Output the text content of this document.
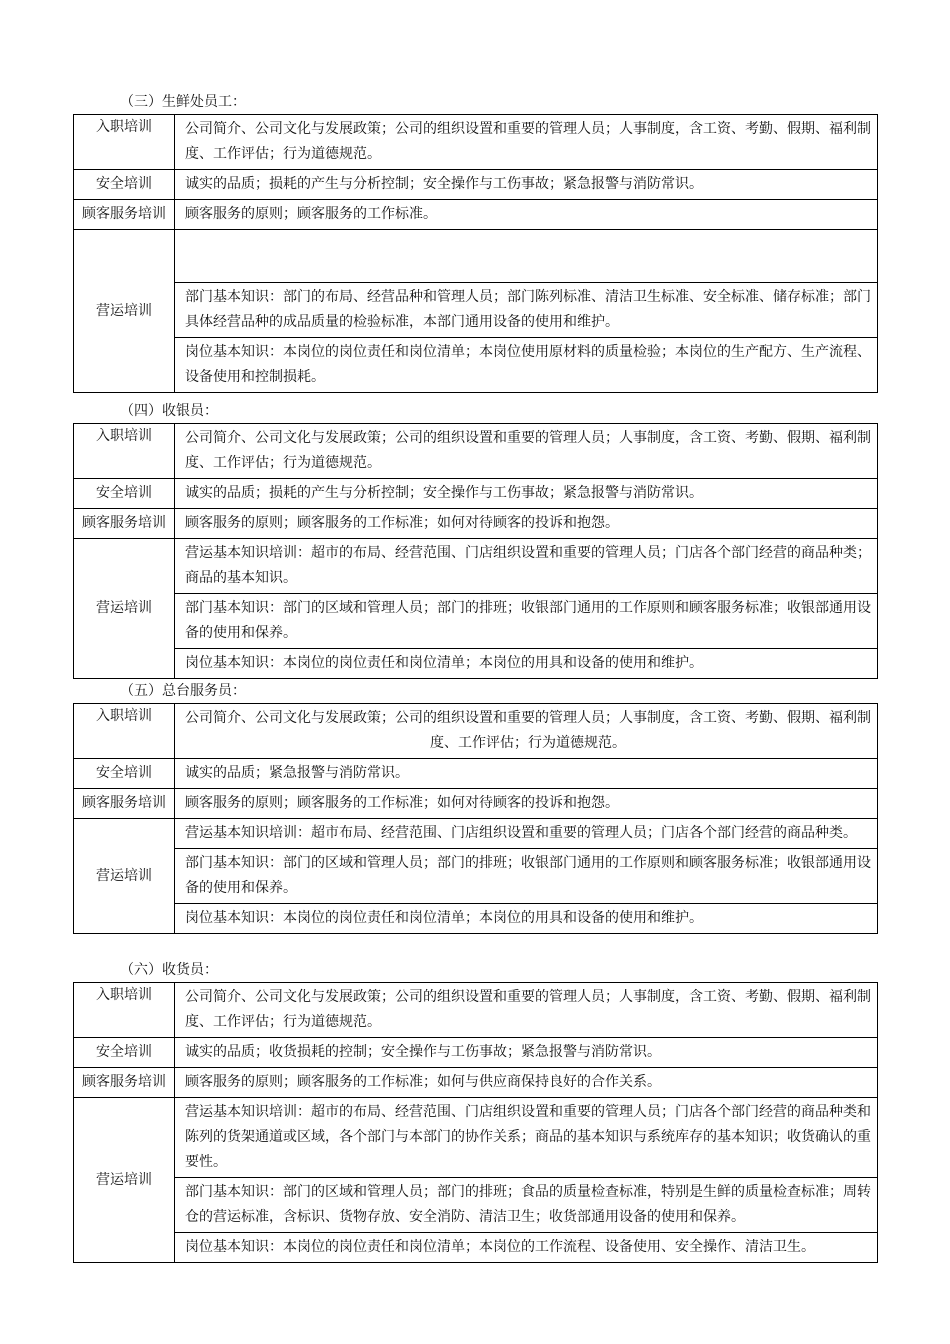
（三）生鲜处员工：
入职培训	公司简介、公司文化与发展政策；公司的组织设置和重要的管理人员；人事制度，含工资、考勤、假期、福利制度、工作评估；行为道德规范。
安全培训	诚实的品质；损耗的产生与分析控制；安全操作与工伤事故；紧急报警与消防常识。
顾客服务培训	顾客服务的原则；顾客服务的工作标准。
营运培训	
	部门基本知识：部门的布局、经营品种和管理人员；部门陈列标准、清洁卫生标准、安全标准、储存标准；部门具体经营品种的成品质量的检验标准，本部门通用设备的使用和维护。
	岗位基本知识：本岗位的岗位责任和岗位清单；本岗位使用原材料的质量检验；本岗位的生产配方、生产流程、设备使用和控制损耗。
（四）收银员：
入职培训	公司简介、公司文化与发展政策；公司的组织设置和重要的管理人员；人事制度，含工资、考勤、假期、福利制度、工作评估；行为道德规范。
安全培训	诚实的品质；损耗的产生与分析控制；安全操作与工伤事故；紧急报警与消防常识。
顾客服务培训	顾客服务的原则；顾客服务的工作标准；如何对待顾客的投诉和抱怨。
营运培训	营运基本知识培训：超市的布局、经营范围、门店组织设置和重要的管理人员；门店各个部门经营的商品种类；商品的基本知识。
	部门基本知识：部门的区域和管理人员；部门的排班；收银部门通用的工作原则和顾客服务标准；收银部通用设备的使用和保养。
	岗位基本知识：本岗位的岗位责任和岗位清单；本岗位的用具和设备的使用和维护。
（五）总台服务员：
入职培训	公司简介、公司文化与发展政策；公司的组织设置和重要的管理人员；人事制度，含工资、考勤、假期、福利制度、工作评估；行为道德规范。
安全培训	诚实的品质；紧急报警与消防常识。
顾客服务培训	顾客服务的原则；顾客服务的工作标准；如何对待顾客的投诉和抱怨。
营运培训	营运基本知识培训：超市布局、经营范围、门店组织设置和重要的管理人员；门店各个部门经营的商品种类。
	部门基本知识：部门的区域和管理人员；部门的排班；收银部门通用的工作原则和顾客服务标准；收银部通用设备的使用和保养。
	岗位基本知识：本岗位的岗位责任和岗位清单；本岗位的用具和设备的使用和维护。
（六）收货员：
入职培训	公司简介、公司文化与发展政策；公司的组织设置和重要的管理人员；人事制度，含工资、考勤、假期、福利制度、工作评估；行为道德规范。
安全培训	诚实的品质；收货损耗的控制；安全操作与工伤事故；紧急报警与消防常识。
顾客服务培训	顾客服务的原则；顾客服务的工作标准；如何与供应商保持良好的合作关系。
营运培训	营运基本知识培训：超市的布局、经营范围、门店组织设置和重要的管理人员；门店各个部门经营的商品种类和陈列的货架通道或区域，各个部门与本部门的协作关系；商品的基本知识与系统库存的基本知识；收货确认的重要性。
	部门基本知识：部门的区域和管理人员；部门的排班；食品的质量检查标准，特别是生鲜的质量检查标准；周转仓的营运标准，含标识、货物存放、安全消防、清洁卫生；收货部通用设备的使用和保养。
	岗位基本知识：本岗位的岗位责任和岗位清单；本岗位的工作流程、设备使用、安全操作、清洁卫生。
